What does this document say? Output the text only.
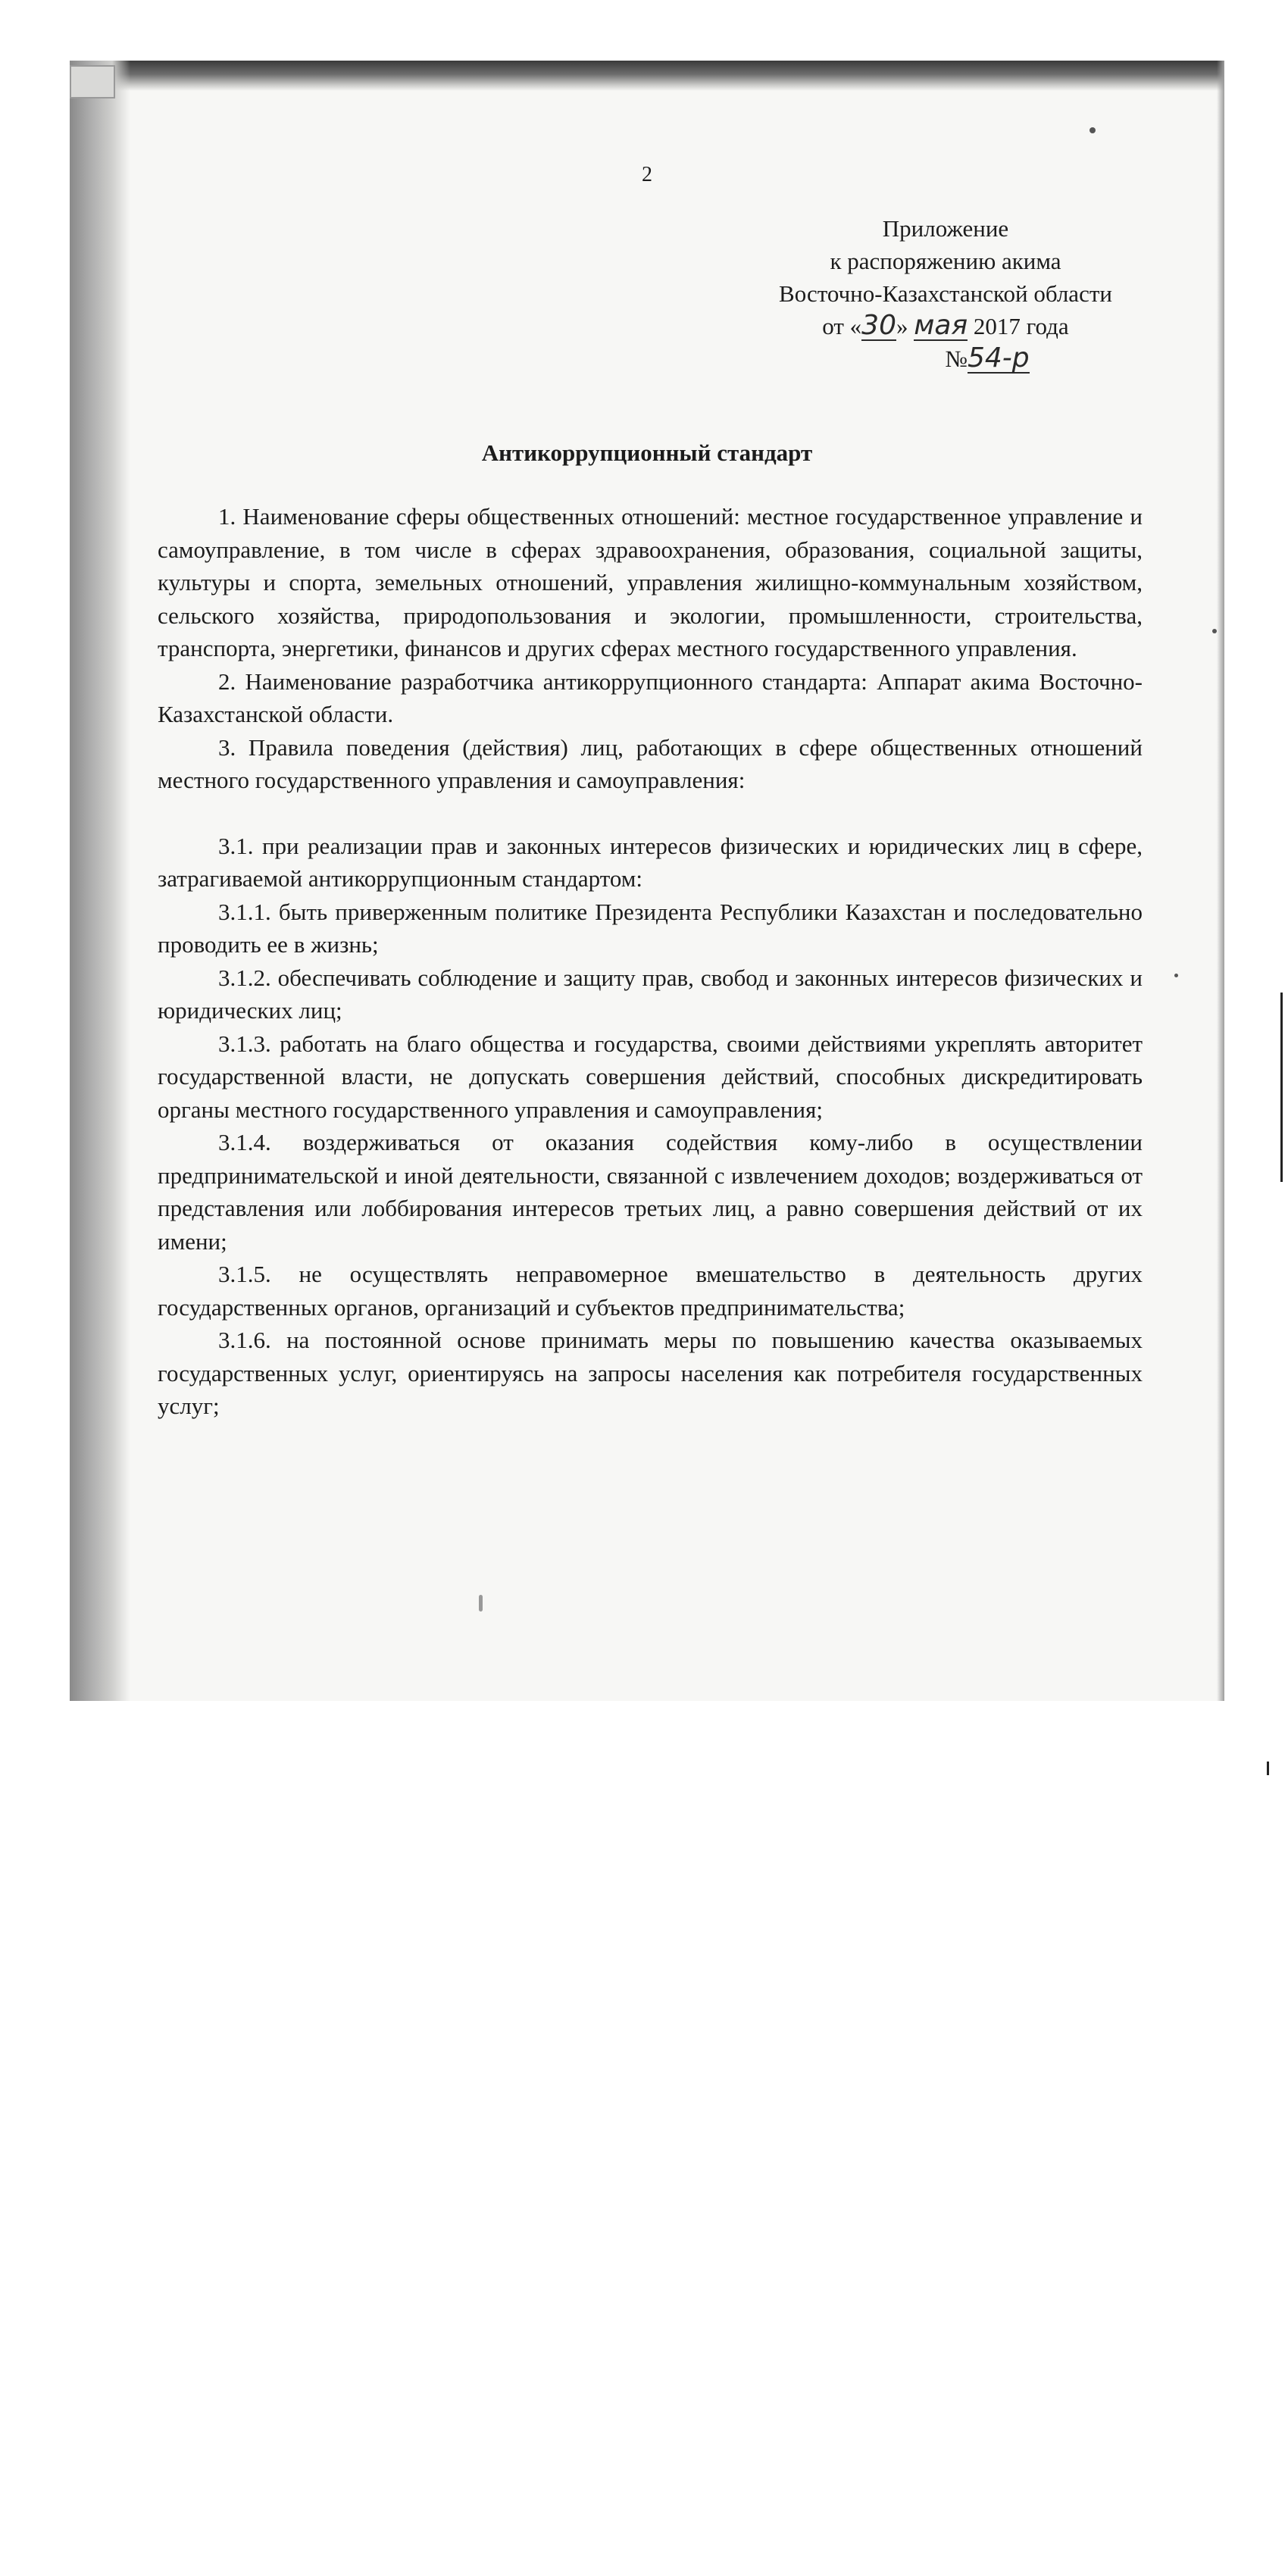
2
Приложение
к распоряжению акима
Восточно-Казахстанской области
от «30» мая 2017 года
№54-р
Антикоррупционный стандарт

1. Наименование сферы общественных отношений: местное государственное управление и самоуправление, в том числе в сферах здравоохранения, образования, социальной защиты, культуры и спорта, земельных отношений, управления жилищно-коммунальным хозяйством, сельского хозяйства, природопользования и экологии, промышленности, строительства, транспорта, энергетики, финансов и других сферах местного государственного управления.

2. Наименование разработчика антикоррупционного стандарта: Аппарат акима Восточно-Казахстанской области.

3. Правила поведения (действия) лиц, работающих в сфере общественных отношений местного государственного управления и самоуправления:

3.1. при реализации прав и законных интересов физических и юридических лиц в сфере, затрагиваемой антикоррупционным стандартом:

3.1.1. быть приверженным политике Президента Республики Казахстан и последовательно проводить ее в жизнь;

3.1.2. обеспечивать соблюдение и защиту прав, свобод и законных интересов физических и юридических лиц;

3.1.3. работать на благо общества и государства, своими действиями укреплять авторитет государственной власти, не допускать совершения действий, способных дискредитировать органы местного государственного управления и самоуправления;

3.1.4. воздерживаться от оказания содействия кому-либо в осуществлении предпринимательской и иной деятельности, связанной с извлечением доходов; воздерживаться от представления или лоббирования интересов третьих лиц, а равно совершения действий от их имени;

3.1.5. не осуществлять неправомерное вмешательство в деятельность других государственных органов, организаций и субъектов предпринимательства;

3.1.6. на постоянной основе принимать меры по повышению качества оказываемых государственных услуг, ориентируясь на запросы населения как потребителя государственных услуг;
